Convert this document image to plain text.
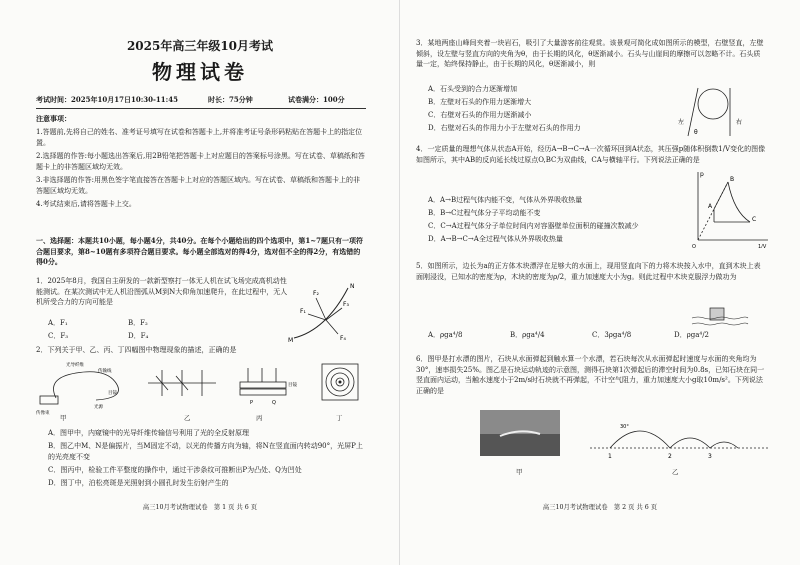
2025年高三年级10月考试
物理试卷
考试时间：2025年10月17日10:30-11:45	时长：75分钟	试卷满分：100分
注意事项：
1.答题前,先将自己的姓名、准考证号填写在试卷和答题卡上,并将准考证号条形码粘贴在答题卡上的指定位置。
2.选择题的作答:每小题选出答案后,用2B铅笔把答题卡上对应题目的答案标号涂黑。写在试卷、草稿纸和答题卡上的非答题区域均无效。
3.非选择题的作答:用黑色签字笔直接答在答题卡上对应的答题区域内。写在试卷、草稿纸和答题卡上的非答题区域均无效。
4.考试结束后,请将答题卡上交。
一、选择题：本题共10小题，每小题4分，共40分。在每个小题给出的四个选项中，第1~7题只有一项符合题目要求，第8~10题有多项符合题目要求。每小题全部选对的得4分，选对但不全的得2分，有选错的得0分。
1．2025年8月，我国自主研发的一款新型察打一体无人机在试飞场完成高机动性能测试。在某次测试中无人机沿图弧从M到N大仰角加速爬升，在此过程中，无人机所受合力的方向可能是
F₁
F₂
F₃
F₄
M
N
A．F₁	B．F₂
C．F₃	D．F₄
2．下列关于甲、乙、丙、丁四幅图中物理现象的描述，正确的是
光导纤维
传输线
传像束
光源
目镜
目镜
P	Q
甲	乙	丙	丁
A．图甲中，内窥镜中的光导纤维传输信号利用了光的全反射原理
B．图乙中M、N是偏振片，当M固定不动，以光的传播方向为轴，将N在竖直面内转动90°，光屏P上的光亮度不变
C．图丙中，检验工件平整度的操作中，通过干涉条纹可推断出P为凸处、Q为凹处
D．图丁中，泊松亮斑是光照射到小圆孔时发生衍射产生的
高三10月考试物理试卷　第 1 页 共 6 页
3．某地两座山峰间夹着一块岩石，吸引了大量游客前往观赏。该景观可简化成如图所示的模型，右壁竖直，左壁倾斜，设左壁与竖直方向的夹角为θ，由于长期的风化，θ逐渐减小。石头与山崖间的摩擦可以忽略不计。石头质量一定，始终保持静止，由于长期的风化，θ逐渐减小，则
A．石头受到的合力逐渐增加
B．左壁对石头的作用力逐渐增大
C．右壁对石头的作用力逐渐减小
D．右壁对石头的作用力小于左壁对石头的作用力
左	右
θ
4．一定质量的理想气体从状态A开始，经历A→B→C→A一次循环回到A状态，其压强p随体积倒数1/V变化的图像如图所示，其中AB的反向延长线过原点O,BC为双曲线，CA与横轴平行。下列说法正确的是
A．A→B过程气体内能不变，气体从外界吸收热量
B．B→C过程气体分子平均动能不变
C．C→A过程气体分子单位时间内对容器壁单位面积的碰撞次数减少
D．A→B→C→A全过程气体从外界吸收热量
p
1/V
O
A
B
C
5．如图所示，边长为a的正方体木块漂浮在足够大的水面上，现用竖直向下的力将木块按入水中，直到木块上表面刚浸没，已知水的密度为ρ，木块的密度为ρ/2，重力加速度大小为g。则此过程中木块克服浮力做功为
A．ρga⁴/8	B．ρga⁴/4	C．3ρga⁴/8	D．ρga⁴/2
6．图甲是打水漂的图片，石块从水面弹起到触水算一个水漂，若石块每次从水面弹起时速度与水面的夹角均为30°，速率损失25%。图乙是石块运动轨迹的示意图，测得石块第1次弹起后的滞空时间为0.8s，已知石块在同一竖直面内运动，当触水速度小于2m/s时石块就不再弹起，不计空气阻力，重力加速度大小g取10m/s²。下列说法正确的是
30°
1	2	3
甲	乙
高三10月考试物理试卷　第 2 页 共 6 页
